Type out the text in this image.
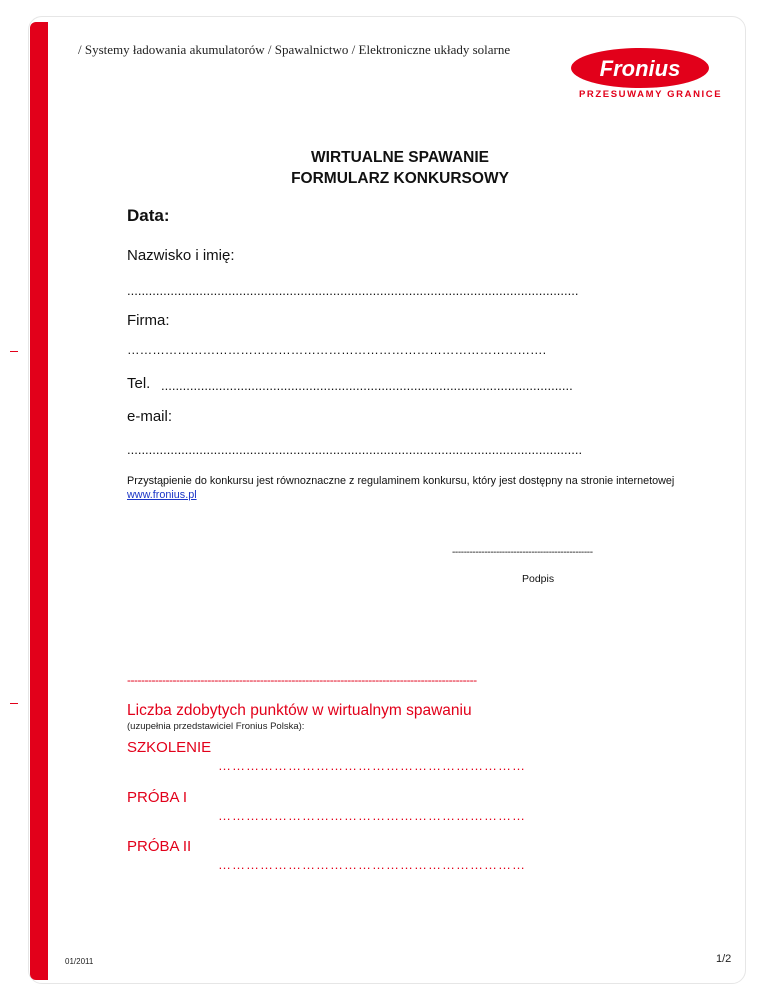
/ Systemy ładowania akumulatorów / Spawalnictwo / Elektroniczne układy solarne
Fronius
PRZESUWAMY GRANICE
WIRTUALNE SPAWANIE
FORMULARZ KONKURSOWY
Data:
Nazwisko i imię:
.............................................................................................................................
Firma:
……………………………………………………………………………………….
Tel. ..................................................................................................................
e-mail:
..............................................................................................................................
Przystąpienie do konkursu jest równoznaczne z regulaminem konkursu, który jest dostępny na stronie internetowej
www.fronius.pl
------------------------------------------------
Podpis
----------------------------------------------------------------------------------------------------
Liczba zdobytych punktów w wirtualnym spawaniu
(uzupełnia przedstawiciel Fronius Polska):
SZKOLENIE
…………………………………………………………
PRÓBA I
…………………………………………………………
PRÓBA II
…………………………………………………………
01/2011	1/2
